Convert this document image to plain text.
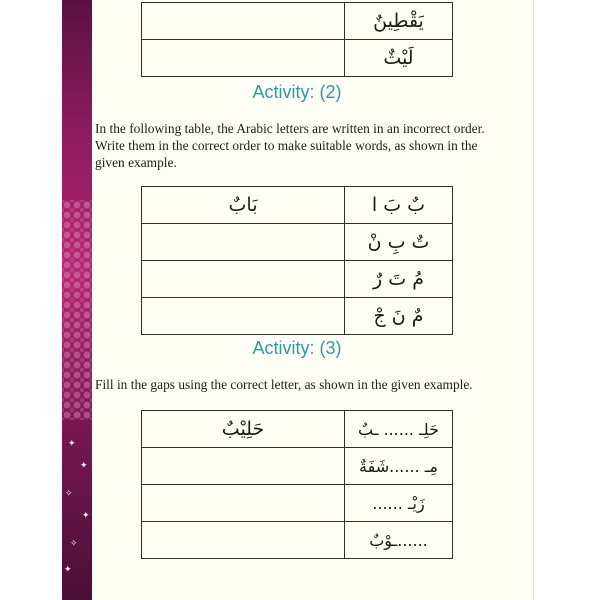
✦
✦
✧
✦
✧
✦
	يَقْطِينٌ
	لَيْثٌ
Activity: (2)

In the following table, the Arabic letters are written in an incorrect order. Write them in the correct order to make suitable words, as shown in the given example.

بَابٌ	بٌ بَ ا
	تٌ بِ نْ
	مُ تَ رٌ
	مٌ نَ جْ
Activity: (3)

Fill in the gaps using the correct letter, as shown in the given example.

حَلِيْبٌ	حَلِـ ...... ـبٌ
	مِـ ......شَفَةٌ
	زَيْـ ......
	......ـوْبٌ
